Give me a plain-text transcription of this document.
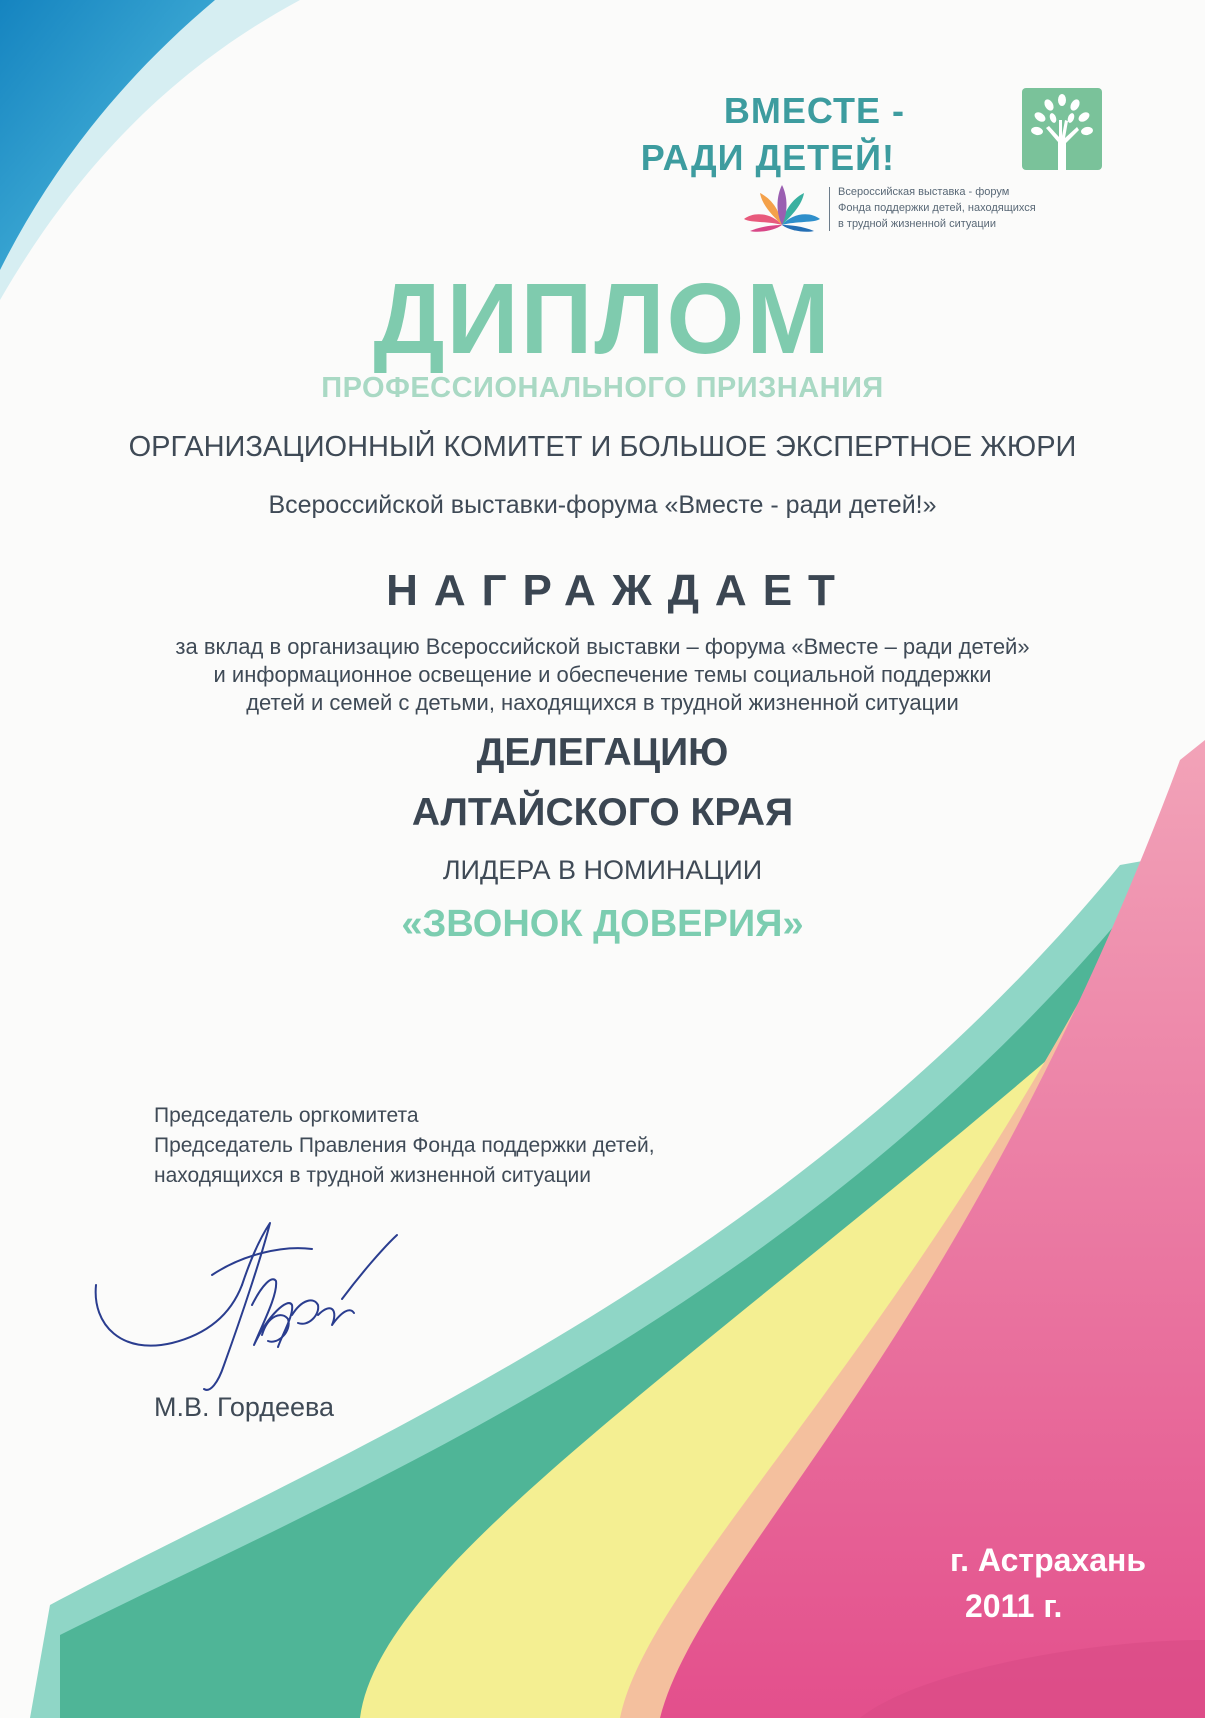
ВМЕСТЕ -
РАДИ ДЕТЕЙ!
Всероссийская выставка - форум
Фонда поддержки детей, находящихся
в трудной жизненной ситуации
ДИПЛОМ
ПРОФЕССИОНАЛЬНОГО ПРИЗНАНИЯ
ОРГАНИЗАЦИОННЫЙ КОМИТЕТ И БОЛЬШОЕ ЭКСПЕРТНОЕ ЖЮРИ
Всероссийской выставки-форума «Вместе - ради детей!»
НАГРАЖДАЕТ
за вклад в организацию Всероссийской выставки – форума «Вместе – ради детей»
и информационное освещение и обеспечение темы социальной поддержки
детей и семей с детьми, находящихся в трудной жизненной ситуации
ДЕЛЕГАЦИЮ
АЛТАЙСКОГО КРАЯ
ЛИДЕРА В НОМИНАЦИИ
«ЗВОНОК ДОВЕРИЯ»
Председатель оргкомитета
Председатель Правления Фонда поддержки детей,
находящихся в трудной жизненной ситуации
М.В. Гордеева
г. Астрахань
2011 г.
